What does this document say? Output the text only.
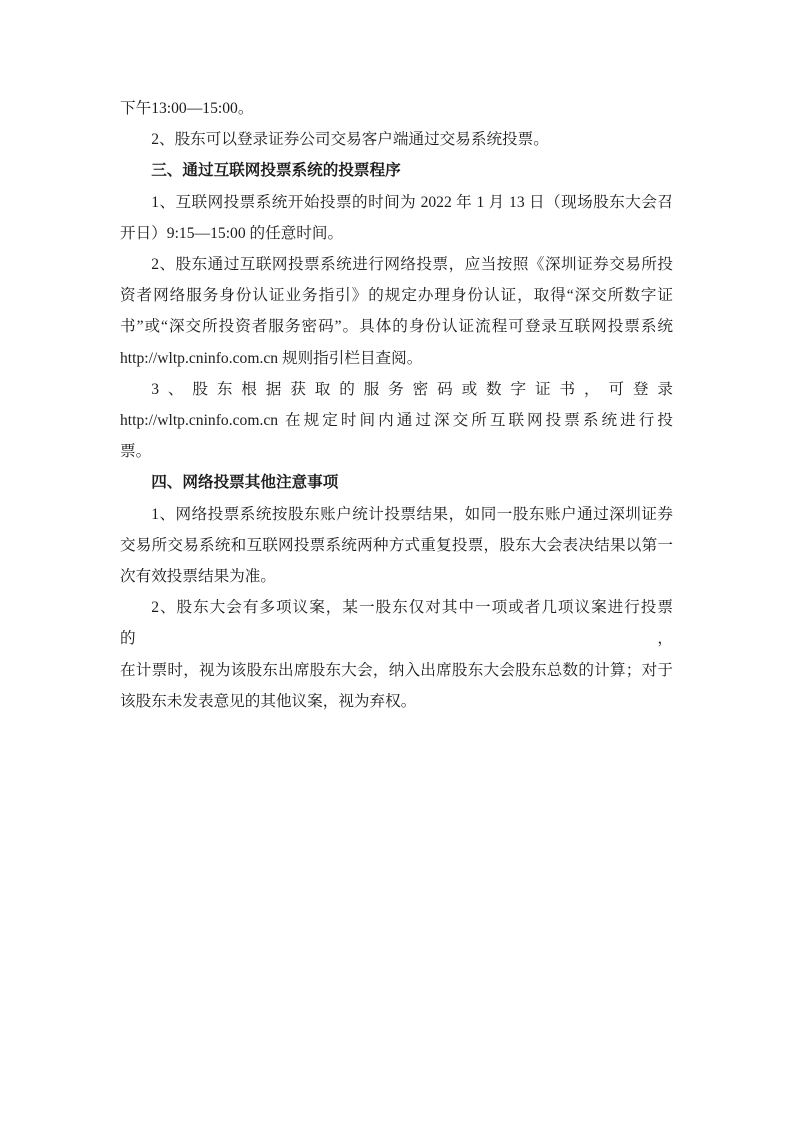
下午13:00—15:00。
2、股东可以登录证券公司交易客户端通过交易系统投票。
三、通过互联网投票系统的投票程序
1、互联网投票系统开始投票的时间为 2022 年 1 月 13 日（现场股东大会召
开日）9:15—15:00 的任意时间。
2、股东通过互联网投票系统进行网络投票，应当按照《深圳证券交易所投
资者网络服务身份认证业务指引》的规定办理身份认证，取得“深交所数字证
书”或“深交所投资者服务密码”。具体的身份认证流程可登录互联网投票系统
http://wltp.cninfo.com.cn 规则指引栏目查阅。
3、股东根据获取的服务密码或数字证书，可登录
http://wltp.cninfo.com.cn 在规定时间内通过深交所互联网投票系统进行投
票。
四、网络投票其他注意事项
1、网络投票系统按股东账户统计投票结果，如同一股东账户通过深圳证券
交易所交易系统和互联网投票系统两种方式重复投票，股东大会表决结果以第一
次有效投票结果为准。
2、股东大会有多项议案，某一股东仅对其中一项或者几项议案进行投票的，
在计票时，视为该股东出席股东大会，纳入出席股东大会股东总数的计算；对于
该股东未发表意见的其他议案，视为弃权。
